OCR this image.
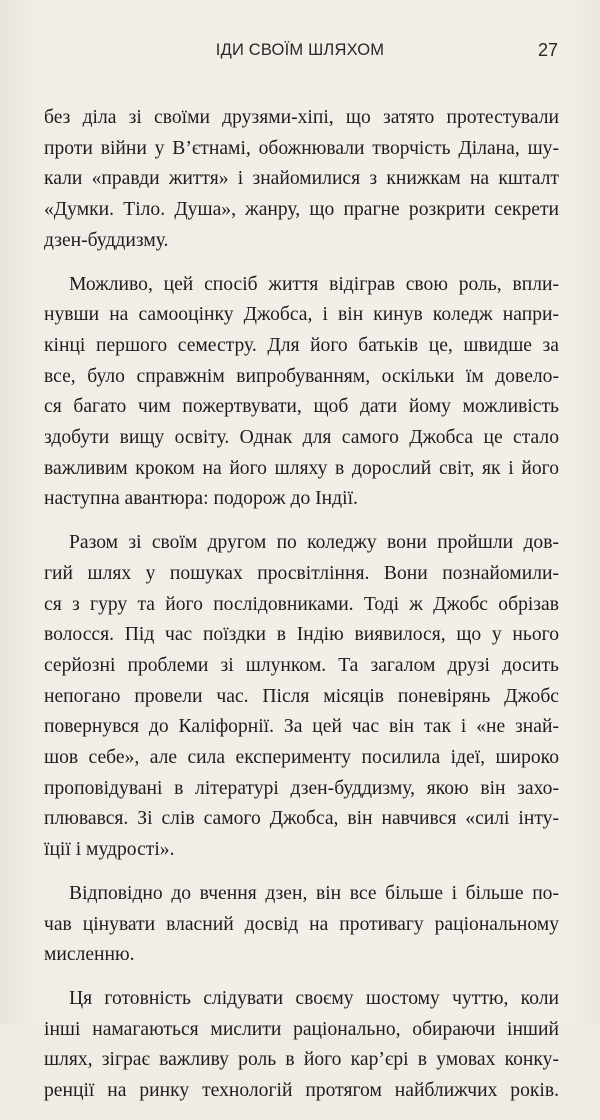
ІДИ СВОЇМ ШЛЯХОМ	27

без діла зі своїми друзями-хіпі, що затято протестували
проти війни у В’єтнамі, обожнювали творчість Ділана, шу-
кали «правди життя» і знайомилися з книжкам на кшталт
«Думки. Тіло. Душа», жанру, що прагне розкрити секрети
дзен-буддизму.

Можливо, цей спосіб життя відіграв свою роль, впли-
нувши на самооцінку Джобса, і він кинув коледж напри-
кінці першого семестру. Для його батьків це, швидше за
все, було справжнім випробуванням, оскільки їм довело-
ся багато чим пожертвувати, щоб дати йому можливість
здобути вищу освіту. Однак для самого Джобса це стало
важливим кроком на його шляху в дорослий світ, як і його
наступна авантюра: подорож до Індії.

Разом зі своїм другом по коледжу вони пройшли дов-
гий шлях у пошуках просвітління. Вони познайомили-
ся з гуру та його послідовниками. Тоді ж Джобс обрізав
волосся. Під час поїздки в Індію виявилося, що у нього
серйозні проблеми зі шлунком. Та загалом друзі досить
непогано провели час. Після місяців поневірянь Джобс
повернувся до Каліфорнії. За цей час він так і «не знай-
шов себе», але сила експерименту посилила ідеї, широко
проповідувані в літературі дзен-буддизму, якою він захо-
плювався. Зі слів самого Джобса, він навчився «силі інту-
їції і мудрості».

Відповідно до вчення дзен, він все більше і більше по-
чав цінувати власний досвід на противагу раціональному
мисленню.

Ця готовність слідувати своєму шостому чуттю, коли
інші намагаються мислити раціонально, обираючи інший
шлях, зіграє важливу роль в його кар’єрі в умовах конку-
ренції на ринку технологій протягом найближчих років.
